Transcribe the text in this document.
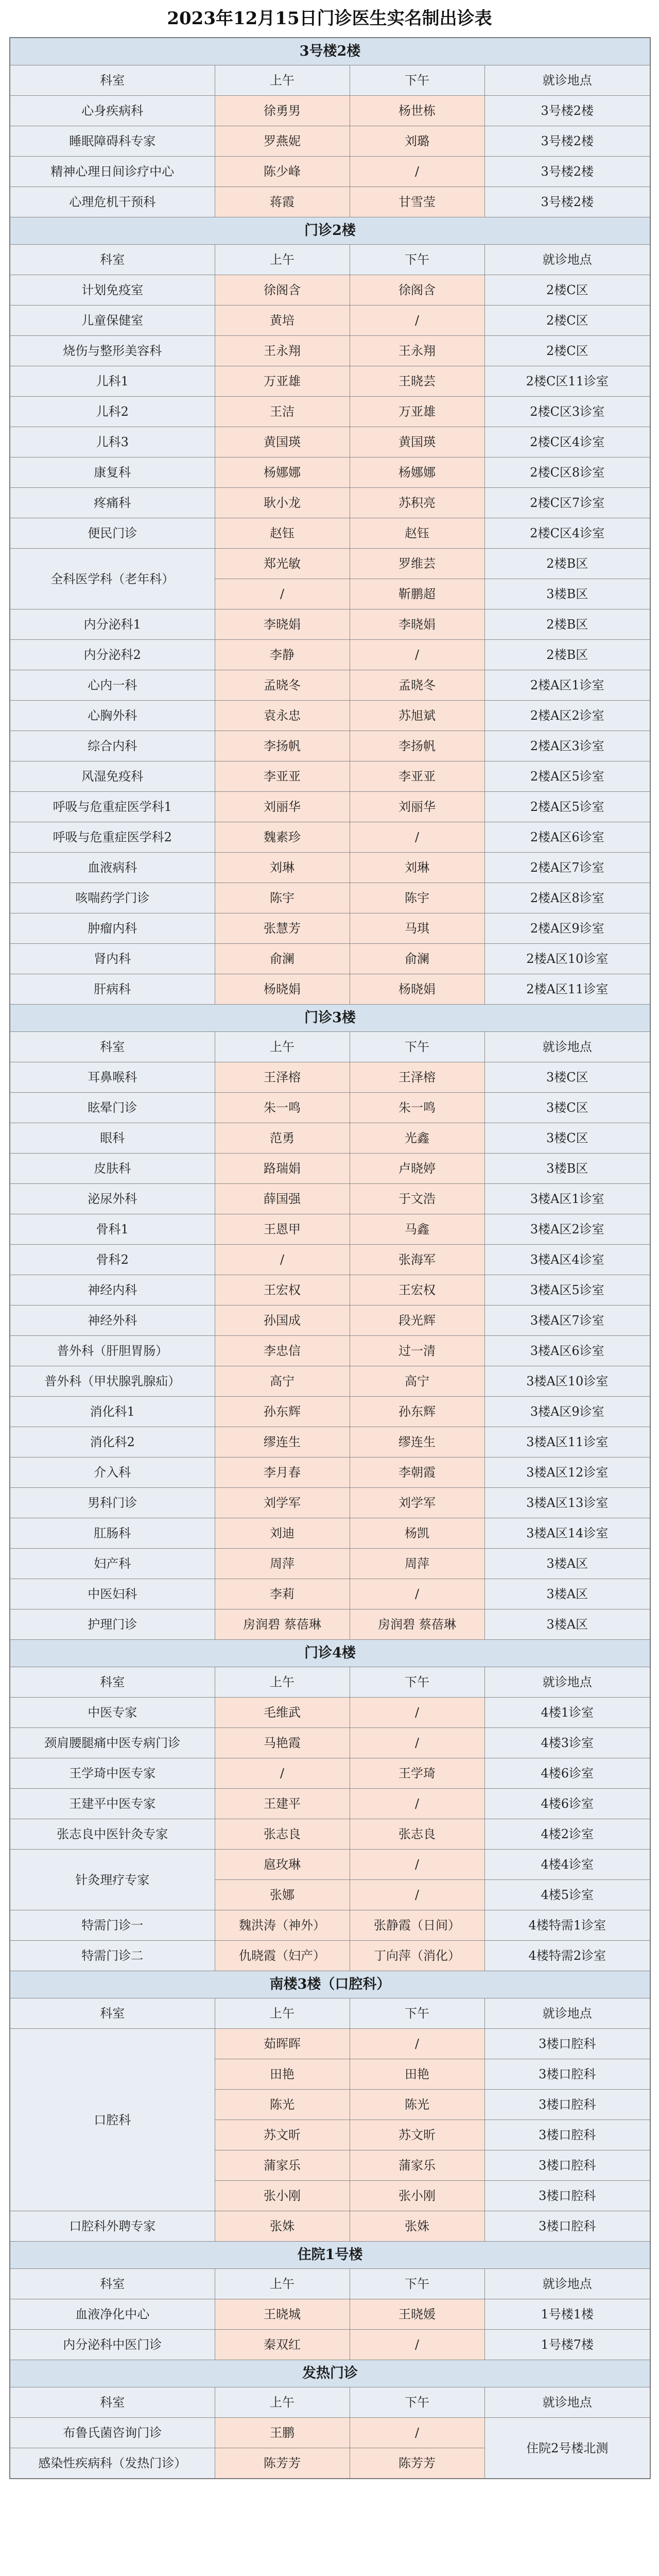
2023年12月15日门诊医生实名制出诊表
3号楼2楼			
科室	上午	下午	就诊地点
心身疾病科	徐勇男	杨世栋	3号楼2楼
睡眠障碍科专家	罗燕妮	刘璐	3号楼2楼
精神心理日间诊疗中心	陈少峰	/	3号楼2楼
心理危机干预科	蒋霞	甘雪莹	3号楼2楼
门诊2楼			
科室	上午	下午	就诊地点
计划免疫室	徐阁含	徐阁含	2楼C区
儿童保健室	黄培	/	2楼C区
烧伤与整形美容科	王永翔	王永翔	2楼C区
儿科1	万亚雄	王晓芸	2楼C区11诊室
儿科2	王洁	万亚雄	2楼C区3诊室
儿科3	黄国瑛	黄国瑛	2楼C区4诊室
康复科	杨娜娜	杨娜娜	2楼C区8诊室
疼痛科	耿小龙	苏积亮	2楼C区7诊室
便民门诊	赵钰	赵钰	2楼C区4诊室
全科医学科（老年科）	郑光敏	罗维芸	2楼B区
	/	靳鹏超	3楼B区
内分泌科1	李晓娟	李晓娟	2楼B区
内分泌科2	李静	/	2楼B区
心内一科	孟晓冬	孟晓冬	2楼A区1诊室
心胸外科	袁永忠	苏旭斌	2楼A区2诊室
综合内科	李扬帆	李扬帆	2楼A区3诊室
风湿免疫科	李亚亚	李亚亚	2楼A区5诊室
呼吸与危重症医学科1	刘丽华	刘丽华	2楼A区5诊室
呼吸与危重症医学科2	魏素珍	/	2楼A区6诊室
血液病科	刘琳	刘琳	2楼A区7诊室
咳喘药学门诊	陈宇	陈宇	2楼A区8诊室
肿瘤内科	张慧芳	马琪	2楼A区9诊室
肾内科	俞澜	俞澜	2楼A区10诊室
肝病科	杨晓娟	杨晓娟	2楼A区11诊室
门诊3楼			
科室	上午	下午	就诊地点
耳鼻喉科	王泽榕	王泽榕	3楼C区
眩晕门诊	朱一鸣	朱一鸣	3楼C区
眼科	范勇	光鑫	3楼C区
皮肤科	路瑞娟	卢晓婷	3楼B区
泌尿外科	薛国强	于文浩	3楼A区1诊室
骨科1	王恩甲	马鑫	3楼A区2诊室
骨科2	/	张海军	3楼A区4诊室
神经内科	王宏权	王宏权	3楼A区5诊室
神经外科	孙国成	段光辉	3楼A区7诊室
普外科（肝胆胃肠）	李忠信	过一清	3楼A区6诊室
普外科（甲状腺乳腺疝）	高宁	高宁	3楼A区10诊室
消化科1	孙东辉	孙东辉	3楼A区9诊室
消化科2	缪连生	缪连生	3楼A区11诊室
介入科	李月春	李朝霞	3楼A区12诊室
男科门诊	刘学军	刘学军	3楼A区13诊室
肛肠科	刘迪	杨凯	3楼A区14诊室
妇产科	周萍	周萍	3楼A区
中医妇科	李莉	/	3楼A区
护理门诊	房润碧 蔡蓓琳	房润碧 蔡蓓琳	3楼A区
门诊4楼			
科室	上午	下午	就诊地点
中医专家	毛维武	/	4楼1诊室
颈肩腰腿痛中医专病门诊	马艳霞	/	4楼3诊室
王学琦中医专家	/	王学琦	4楼6诊室
王建平中医专家	王建平	/	4楼6诊室
张志良中医针灸专家	张志良	张志良	4楼2诊室
针灸理疗专家	扈玫琳	/	4楼4诊室
	张娜	/	4楼5诊室
特需门诊一	魏洪涛（神外）	张静霞（日间）	4楼特需1诊室
特需门诊二	仇晓霞（妇产）	丁向萍（消化）	4楼特需2诊室
南楼3楼（口腔科）			
科室	上午	下午	就诊地点
口腔科	茹晖晖	/	3楼口腔科
	田艳	田艳	3楼口腔科
	陈光	陈光	3楼口腔科
	苏文昕	苏文昕	3楼口腔科
	蒲家乐	蒲家乐	3楼口腔科
	张小刚	张小刚	3楼口腔科
口腔科外聘专家	张姝	张姝	3楼口腔科
住院1号楼			
科室	上午	下午	就诊地点
血液净化中心	王晓城	王晓媛	1号楼1楼
内分泌科中医门诊	秦双红	/	1号楼7楼
发热门诊			
科室	上午	下午	就诊地点
布鲁氏菌咨询门诊	王鹏	/	住院2号楼北测
感染性疾病科（发热门诊）	陈芳芳	陈芳芳	
